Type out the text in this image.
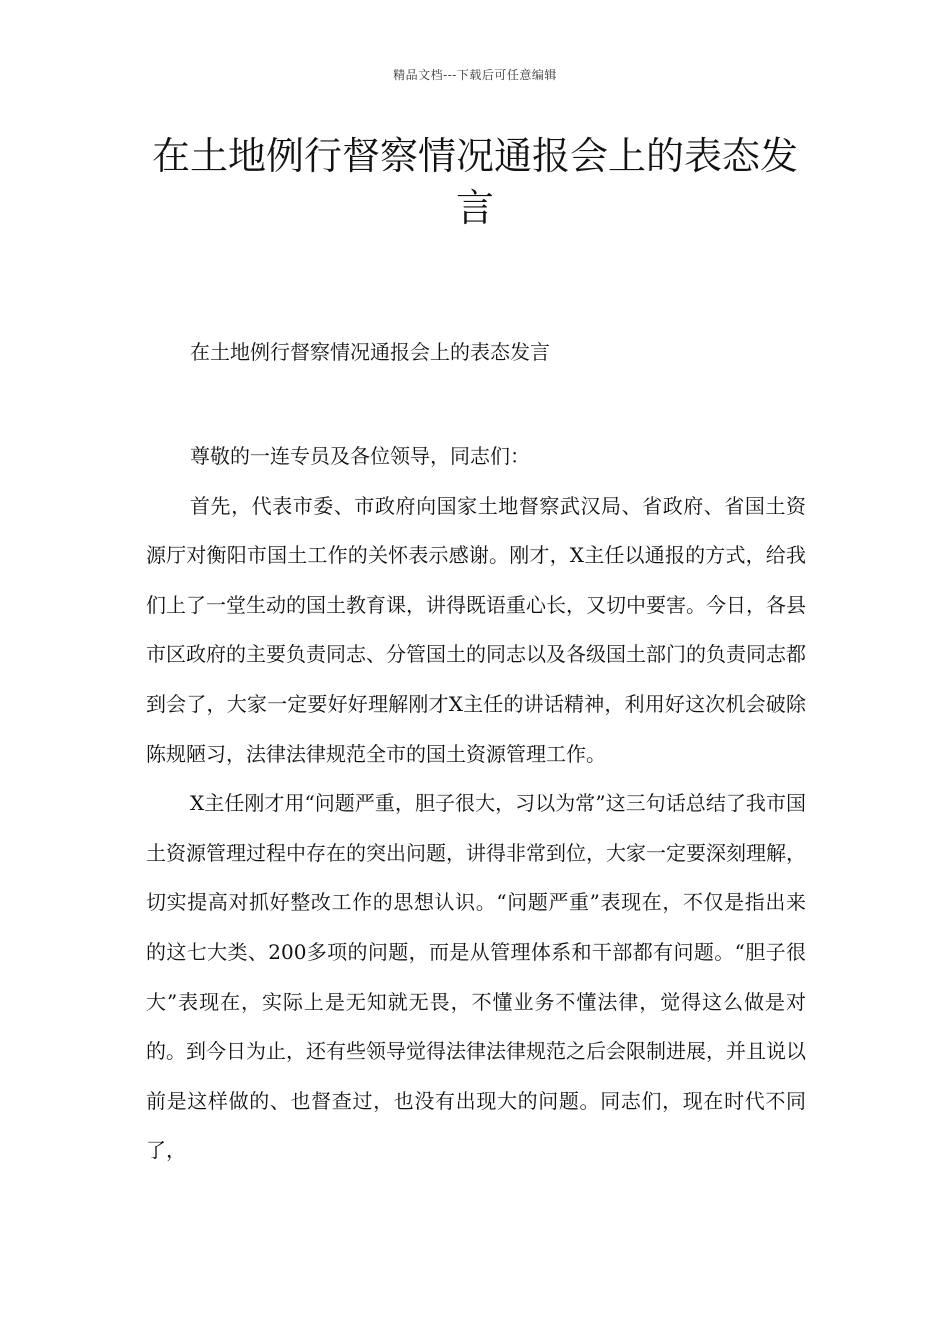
精品文档---下载后可任意编辑
在土地例行督察情况通报会上的表态发言

在土地例行督察情况通报会上的表态发言

尊敬的一连专员及各位领导，同志们：

首先，代表市委、市政府向国家土地督察武汉局、省政府、省国土资源厅对衡阳市国土工作的关怀表示感谢。刚才，X主任以通报的方式，给我们上了一堂生动的国土教育课，讲得既语重心长，又切中要害。今日，各县市区政府的主要负责同志、分管国土的同志以及各级国土部门的负责同志都到会了，大家一定要好好理解刚才X主任的讲话精神，利用好这次机会破除陈规陋习，法律法律规范全市的国土资源管理工作。

X主任刚才用“问题严重，胆子很大，习以为常”这三句话总结了我市国土资源管理过程中存在的突出问题，讲得非常到位，大家一定要深刻理解，切实提高对抓好整改工作的思想认识。“问题严重”表现在，不仅是指出来的这七大类、200多项的问题，而是从管理体系和干部都有问题。“胆子很大”表现在，实际上是无知就无畏，不懂业务不懂法律，觉得这么做是对的。到今日为止，还有些领导觉得法律法律规范之后会限制进展，并且说以前是这样做的、也督查过，也没有出现大的问题。同志们，现在时代不同了，
